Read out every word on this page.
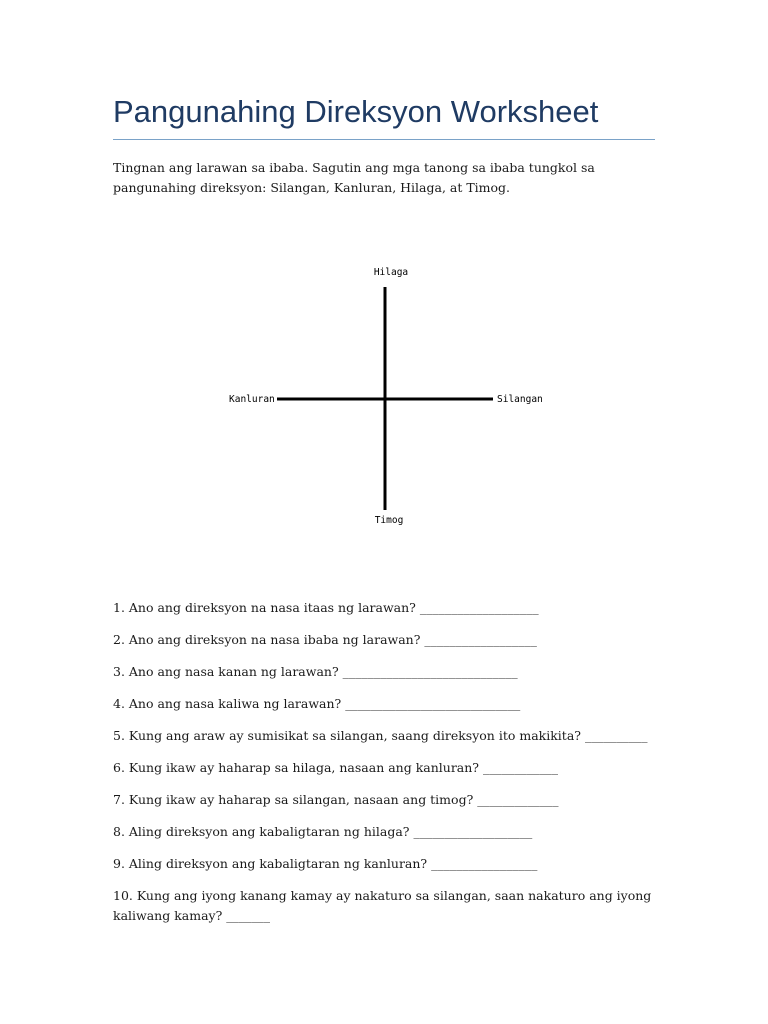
Pangunahing Direksyon Worksheet

Tingnan ang larawan sa ibaba. Sagutin ang mga tanong sa ibaba tungkol sa pangunahing direksyon: Silangan, Kanluran, Hilaga, at Timog.

Hilaga
Timog
Kanluran	Silangan

1. Ano ang direksyon na nasa itaas ng larawan? ___________________

2. Ano ang direksyon na nasa ibaba ng larawan? __________________

3. Ano ang nasa kanan ng larawan? ____________________________

4. Ano ang nasa kaliwa ng larawan? ____________________________

5. Kung ang araw ay sumisikat sa silangan, saang direksyon ito makikita? __________

6. Kung ikaw ay haharap sa hilaga, nasaan ang kanluran? ____________

7. Kung ikaw ay haharap sa silangan, nasaan ang timog? _____________

8. Aling direksyon ang kabaligtaran ng hilaga? ___________________

9. Aling direksyon ang kabaligtaran ng kanluran? _________________

10. Kung ang iyong kanang kamay ay nakaturo sa silangan, saan nakaturo ang iyong kaliwang kamay? _______
